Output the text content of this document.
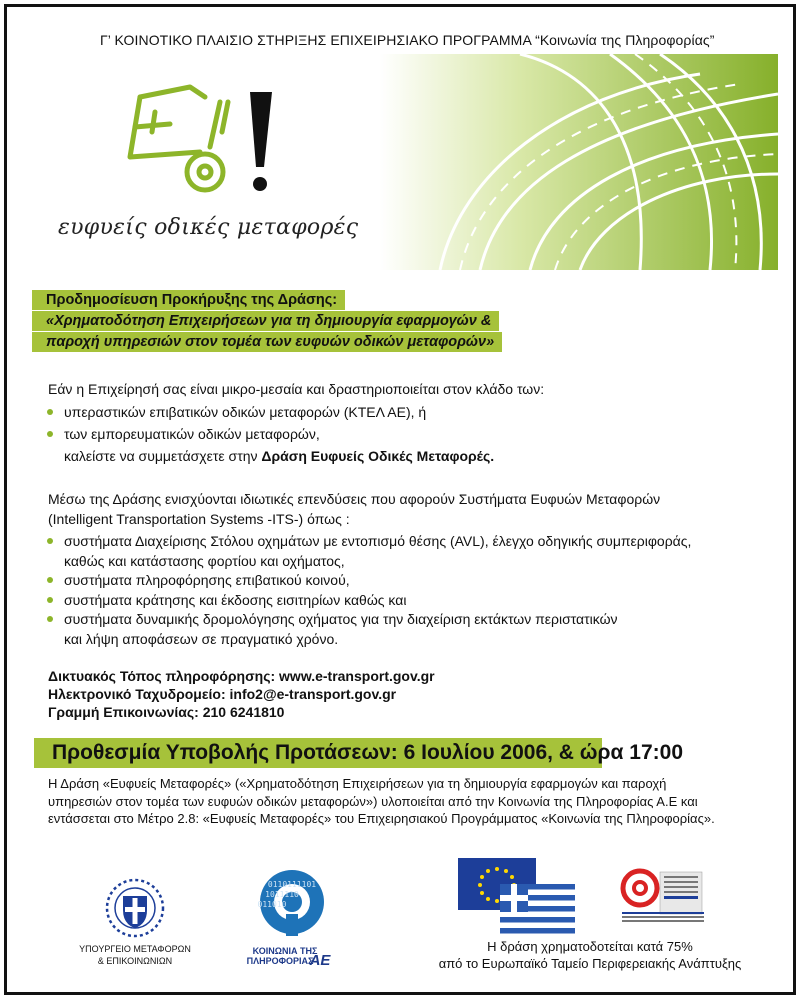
Γ’ ΚΟΙΝΟΤΙΚΟ ΠΛΑΙΣΙΟ ΣΤΗΡΙΞΗΣ ΕΠΙΧΕΙΡΗΣΙΑΚΟ ΠΡΟΓΡΑΜΜΑ “Κοινωνία της Πληροφορίας”
ευφυείς οδικές μεταφορές
Προδημοσίευση Προκήρυξης της Δράσης:
«Χρηματοδότηση Επιχειρήσεων για τη δημιουργία εφαρμογών &
παροχή υπηρεσιών στον τομέα των ευφυών οδικών μεταφορών»

Εάν η Επιχείρησή σας είναι μικρο-μεσαία και δραστηριοποιείται στον κλάδο των:

υπεραστικών επιβατικών οδικών μεταφορών (ΚΤΕΛ ΑΕ), ή

των εμπορευματικών οδικών μεταφορών,

καλείστε να συμμετάσχετε στην Δράση Ευφυείς Οδικές Μεταφορές.

Μέσω της Δράσης ενισχύονται ιδιωτικές επενδύσεις που αφορούν Συστήματα Ευφυών Μεταφορών

(Intelligent Transportation Systems -ITS-) όπως :

συστήματα Διαχείρισης Στόλου οχημάτων με εντοπισμό θέσης (AVL), έλεγχο οδηγικής συμπεριφοράς,

καθώς και κατάστασης φορτίου και οχήματος,

συστήματα πληροφόρησης επιβατικού κοινού,

συστήματα κράτησης και έκδοσης εισιτηρίων καθώς και

συστήματα δυναμικής δρομολόγησης οχήματος για την διαχείριση εκτάκτων περιστατικών

και λήψη αποφάσεων σε πραγματικό χρόνο.

Δικτυακός Τόπος πληροφόρησης: www.e-transport.gov.gr

Ηλεκτρονικό Ταχυδρομείο: info2@e-transport.gov.gr

Γραμμή Επικοινωνίας: 210 6241810

Προθεσμία Υποβολής Προτάσεων: 6 Ιουλίου 2006, & ώρα 17:00

Η Δράση «Ευφυείς Μεταφορές» («Χρηματοδότηση Επιχειρήσεων για τη δημιουργία εφαρμογών και παροχή

υπηρεσιών στον τομέα των ευφυών οδικών μεταφορών») υλοποιείται από την Κοινωνία της Πληροφορίας Α.Ε και

εντάσσεται στο Μέτρο 2.8: «Ευφυείς Μεταφορές» του Επιχειρησιακού Προγράμματος «Κοινωνία της Πληροφορίας».

ΥΠΟΥΡΓΕΙΟ ΜΕΤΑΦΟΡΩΝ
& ΕΠΙΚΟΙΝΩΝΙΩΝ
0110111101
1011110
011010
ΚΟΙΝΩΝΙΑ ΤΗΣ
ΠΛΗΡΟΦΟΡΙΑΣ
ΑΕ

Η δράση χρηματοδοτείται κατά 75%

από το Ευρωπαϊκό Ταμείο Περιφερειακής Ανάπτυξης
